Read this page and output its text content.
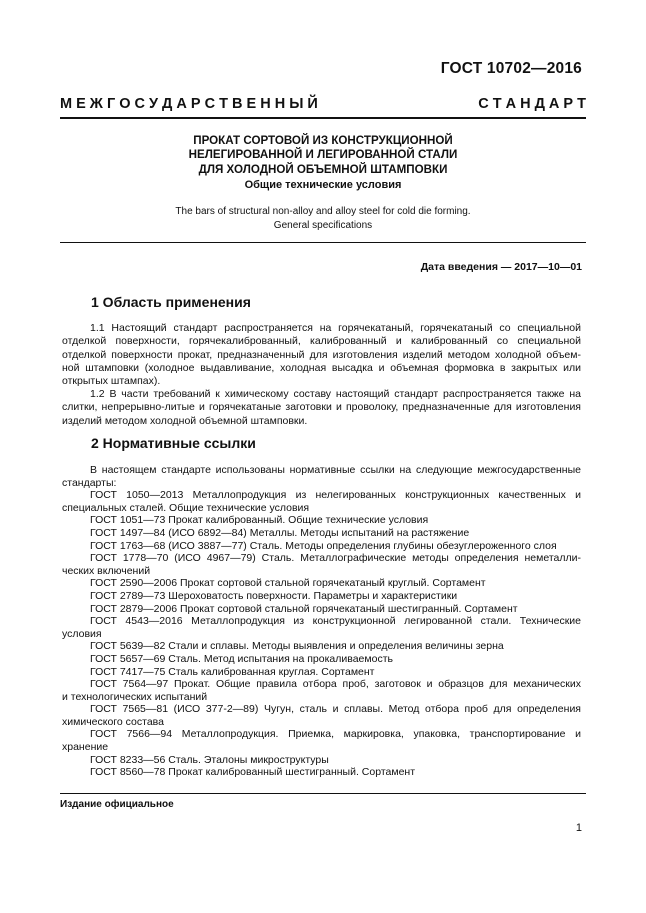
ГОСТ 10702—2016
М Е Ж Г О С У Д А Р С Т В Е Н Н Ы Й	С Т А Н Д А Р Т
ПРОКАТ СОРТОВОЙ ИЗ КОНСТРУКЦИОННОЙ
НЕЛЕГИРОВАННОЙ И ЛЕГИРОВАННОЙ СТАЛИ
ДЛЯ ХОЛОДНОЙ ОБЪЕМНОЙ ШТАМПОВКИ
Общие технические условия
The bars of structural non-alloy and alloy steel for cold die forming.
General specifications
Дата введения — 2017—10—01
1 Область применения
1.1 Настоящий стандарт распространяется на горячекатаный, горячекатаный со специальной
отделкой поверхности, горячекалиброванный, калиброванный и калиброванный со специальной
отделкой поверхности прокат, предназначенный для изготовления изделий методом холодной объем-
ной штамповки (холодное выдавливание, холодная высадка и объемная формовка в закрытых или
открытых штампах).
1.2 В части требований к химическому составу настоящий стандарт распространяется также на
слитки, непрерывно-литые и горячекатаные заготовки и проволоку, предназначенные для изготовления
изделий методом холодной объемной штамповки.
2 Нормативные ссылки
В настоящем стандарте использованы нормативные ссылки на следующие межгосударственные
стандарты:
ГОСТ 1050—2013 Металлопродукция из нелегированных конструкционных качественных и
специальных сталей. Общие технические условия
ГОСТ 1051—73 Прокат калиброванный. Общие технические условия
ГОСТ 1497—84 (ИСО 6892—84) Металлы. Методы испытаний на растяжение
ГОСТ 1763—68 (ИСО 3887—77) Сталь. Методы определения глубины обезуглероженного слоя
ГОСТ 1778—70 (ИСО 4967—79) Сталь. Металлографические методы определения неметалли-
ческих включений
ГОСТ 2590—2006 Прокат сортовой стальной горячекатаный круглый. Сортамент
ГОСТ 2789—73 Шероховатость поверхности. Параметры и характеристики
ГОСТ 2879—2006 Прокат сортовой стальной горячекатаный шестигранный. Сортамент
ГОСТ 4543—2016 Металлопродукция из конструкционной легированной стали. Технические
условия
ГОСТ 5639—82 Стали и сплавы. Методы выявления и определения величины зерна
ГОСТ 5657—69 Сталь. Метод испытания на прокаливаемость
ГОСТ 7417—75 Сталь калиброванная круглая. Сортамент
ГОСТ 7564—97 Прокат. Общие правила отбора проб, заготовок и образцов для механических
и технологических испытаний
ГОСТ 7565—81 (ИСО 377-2—89) Чугун, сталь и сплавы. Метод отбора проб для определения
химического состава
ГОСТ 7566—94 Металлопродукция. Приемка, маркировка, упаковка, транспортирование и
хранение
ГОСТ 8233—56 Сталь. Эталоны микроструктуры
ГОСТ 8560—78 Прокат калиброванный шестигранный. Сортамент
Издание официальное
1
